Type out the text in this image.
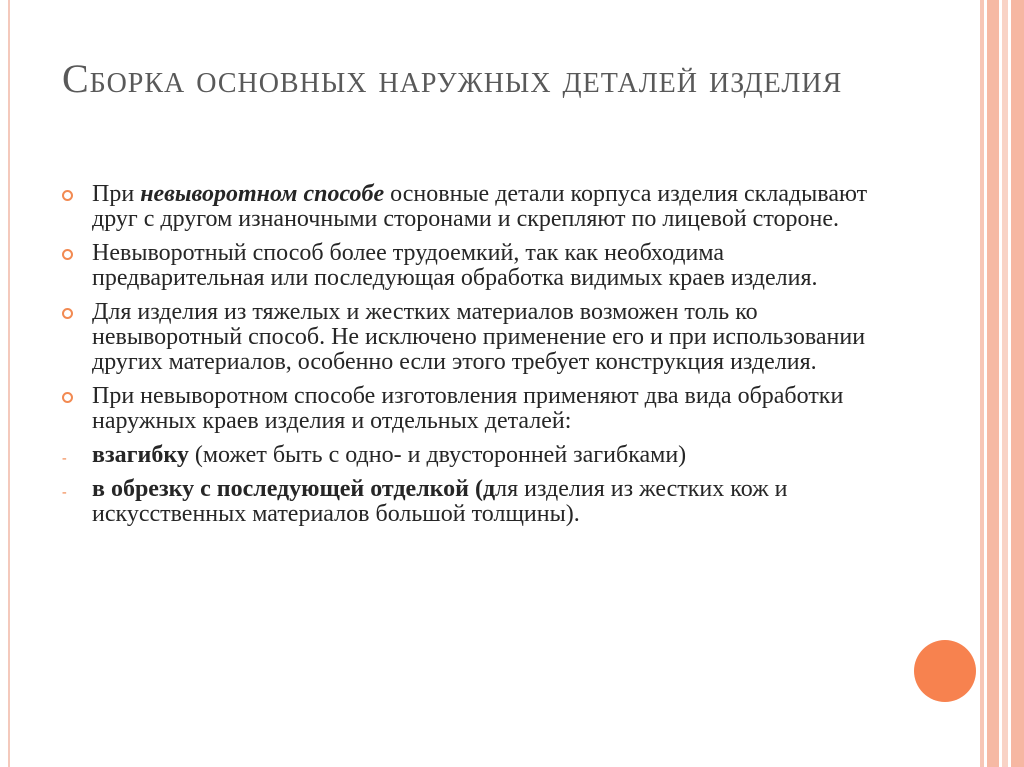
Сборка основных наружных деталей изделия
При невыворотном способе основные детали корпуса изделия складывают друг с другом изнаночными сторонами и скрепляют по лицевой стороне.
Невыворотный способ более трудоемкий, так как необходима предварительная или последующая обработка видимых краев изделия.
Для изделия из тяжелых и жестких материалов возможен толь ко невыворотный способ. Не исключено применение его и при использовании других материалов, особенно если этого требует конструкция изделия.
При невыворотном способе изготовления применяют два вида обработки наружных краев изделия и отдельных деталей:
-	взагибку (может быть с одно- и двусторонней загибками)
-	в обрезку с последующей отделкой (для изделия из жестких кож и искусственных материалов большой толщины).
